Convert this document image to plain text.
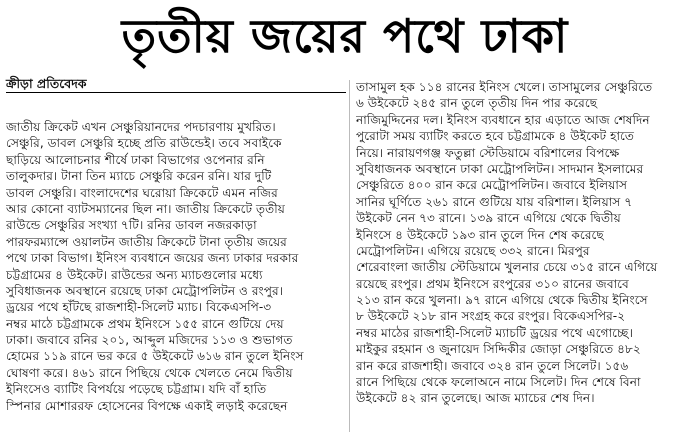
তৃতীয় জয়ের পথে ঢাকা
ক্রীড়া প্রতিবেদক
জাতীয় ক্রিকেট এখন সেঞ্চুরিয়ানদের পদচারণায় মুখরিত।
সেঞ্চুরি, ডাবল সেঞ্চুরি হচ্ছে প্রতি রাউন্ডেই। তবে সবাইকে
ছাড়িয়ে আলোচনার শীর্ষে ঢাকা বিভাগের ওপেনার রনি
তালুকদার। টানা তিন ম্যাচে সেঞ্চুরি করেন রনি। যার দুটি
ডাবল সেঞ্চুরি। বাংলাদেশের ঘরোয়া ক্রিকেটে এমন নজির
আর কোনো ব্যাটসম্যানের ছিল না। জাতীয় ক্রিকেটে তৃতীয়
রাউন্ডে সেঞ্চুরির সংখ্যা ৭টি। রনির ডাবল নজরকাড়া
পারফরম্যান্সে ওয়ালটন জাতীয় ক্রিকেটে টানা তৃতীয় জয়ের
পথে ঢাকা বিভাগ। ইনিংস ব্যবধানে জয়ের জন্য ঢাকার দরকার
চট্টগ্রামের ৪ উইকেট। রাউন্ডের অন্য ম্যাচগুলোর মধ্যে
সুবিধাজনক অবস্থানে রয়েছে ঢাকা মেট্রোপলিটন ও রংপুর।
ড্রয়ের পথে হাঁটছে রাজশাহী-সিলেট ম্যাচ। বিকেএসপি-৩
নম্বর মাঠে চট্টগ্রামকে প্রথম ইনিংসে ১৫৫ রানে গুটিয়ে দেয়
ঢাকা। জবাবে রনির ২০১, আব্দুল মজিদের ১১৩ ও শুভাগত
হোমের ১১৯ রানে ভর করে ৫ উইকেটে ৬১৬ রান তুলে ইনিংস
ঘোষণা করে। ৪৬১ রানে পিছিয়ে থেকে খেলতে নেমে দ্বিতীয়
ইনিংসেও ব্যাটিং বিপর্যয়ে পড়েছে চট্টগ্রাম। যদি বাঁ হাতি
স্পিনার মোশাররফ হোসেনের বিপক্ষে একাই লড়াই করেছেন
তাসামুল হক ১১৪ রানের ইনিংস খেলে। তাসামুলের সেঞ্চুরিতে
৬ উইকেটে ২৪৫ রান তুলে তৃতীয় দিন পার করেছে
নাজিমুদ্দিনের দল। ইনিংস ব্যবধানে হার এড়াতে আজ শেষদিন
পুরোটা সময় ব্যাটিং করতে হবে চট্টগ্রামকে ৪ উইকেট হাতে
নিয়ে। নারায়ণগঞ্জ ফতুল্লা স্টেডিয়ামে বরিশালের বিপক্ষে
সুবিধাজনক অবস্থানে ঢাকা মেট্রোপলিটন। সাদমান ইসলামের
সেঞ্চুরিতে ৪০০ রান করে মেট্রোপলিটন। জবাবে ইলিয়াস
সানির ঘূর্ণিতে ২৬১ রানে গুটিয়ে যায় বরিশাল। ইলিয়াস ৭
উইকেট নেন ৭৩ রানে। ১৩৯ রানে এগিয়ে থেকে দ্বিতীয়
ইনিংসে ৪ উইকেটে ১৯৩ রান তুলে দিন শেষ করেছে
মেট্রোপলিটন। এগিয়ে রয়েছে ৩৩২ রানে। মিরপুর
শেরেবাংলা জাতীয় স্টেডিয়ামে খুলনার চেয়ে ৩১৫ রানে এগিয়ে
রয়েছে রংপুর। প্রথম ইনিংসে রংপুরের ৩১০ রানের জবাবে
২১৩ রান করে খুলনা। ৯৭ রানে এগিয়ে থেকে দ্বিতীয় ইনিংসে
৮ উইকেটে ২১৮ রান সংগ্রহ করে রংপুর। বিকেএসপির-২
নম্বর মাঠের রাজশাহী-সিলেট ম্যাচটি ড্রয়ের পথে এগোচ্ছে।
মাইকুর রহমান ও জুনায়েদ সিদ্দিকীর জোড়া সেঞ্চুরিতে ৪৮২
রান করে রাজশাহী। জবাবে ৩২৪ রান তুলে সিলেট। ১৫৬
রানে পিছিয়ে থেকে ফলোঅনে নামে সিলেট। দিন শেষে বিনা
উইকেটে ৪২ রান তুলেছে। আজ ম্যাচের শেষ দিন।
